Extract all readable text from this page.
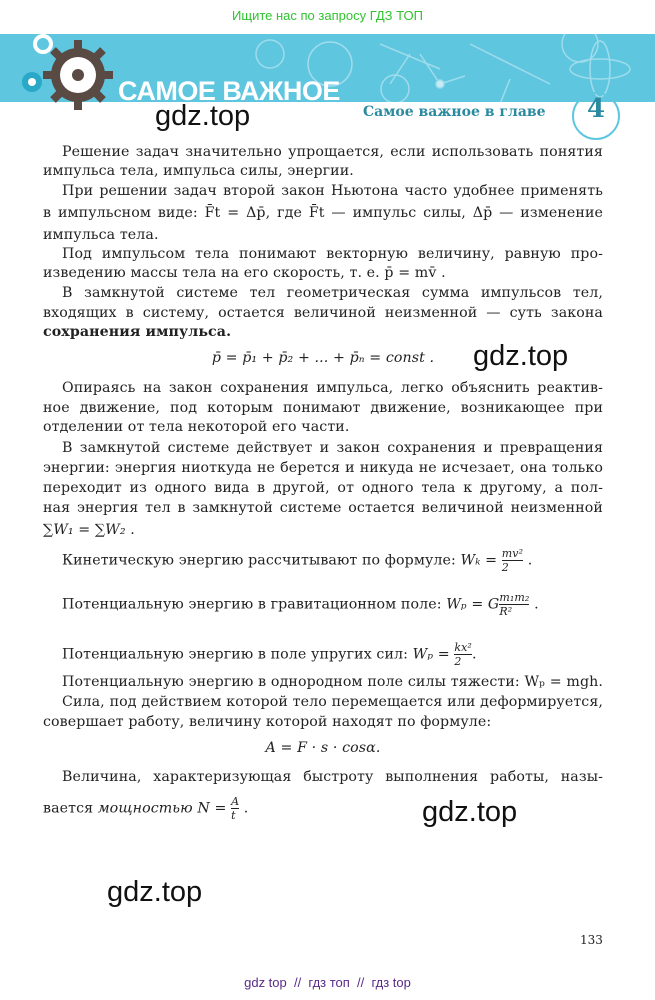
Ищите нас по запросу ГДЗ ТОП
САМОЕ ВАЖНОЕ
Самое важное в главе	4
gdz.top
gdz.top
gdz.top
gdz.top
Решение задач значительно упрощается, если использовать понятия
импульса тела, импульса силы, энергии.
При решении задач второй закон Ньютона часто удобнее применять
в импульсном виде: F̄t = Δp̄, где F̄t — импульс силы, Δp̄ — изменение
импульса тела.
Под импульсом тела понимают векторную величину, равную про-
изведению массы тела на его скорость, т. е. p̄ = mv̄ .
В замкнутой системе тел геометрическая сумма импульсов тел,
входящих в систему, остается величиной неизменной — суть закона
сохранения импульса.
p̄ = p̄₁ + p̄₂ + ... + p̄ₙ = const .
Опираясь на закон сохранения импульса, легко объяснить реактив-
ное движение, под которым понимают движение, возникающее при
отделении от тела некоторой его части.
В замкнутой системе действует и закон сохранения и превращения
энергии: энергия ниоткуда не берется и никуда не исчезает, она только
переходит из одного вида в другой, от одного тела к другому, а пол-
ная энергия тел в замкнутой системе остается величиной неизменной
∑W₁ = ∑W₂ .
Кинетическую энергию рассчитывают по формуле: $W_k = \frac{\text{mv²}}{2}$ .
Потенциальную энергию в гравитационном поле: Wₚ = G $\frac{\text{m₁m₂}}{\text{R²}}$ .
Потенциальную энергию в поле упругих сил: $W_p = \frac{\text{kx²}}{2}$ .
Потенциальную энергию в однородном поле силы тяжести: Wₚ = mgh.
Сила, под действием которой тело перемещается или деформируется,
совершает работу, величину которой находят по формуле:
A = F · s · cosα.
Величина, характеризующая быстроту выполнения работы, назы-
вается мощностью $N = \frac{A}{t}$ .
133
gdz top  //  гдз топ  //  гдз top
